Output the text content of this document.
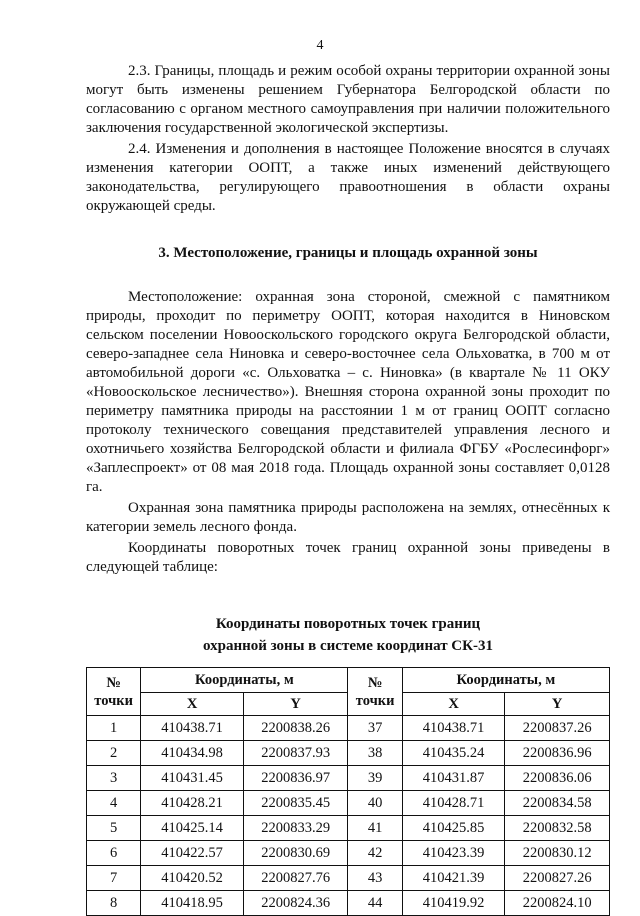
4

2.3. Границы, площадь и режим особой охраны территории охранной зоны могут быть изменены решением Губернатора Белгородской области по согласованию с органом местного самоуправления при наличии положительного заключения государственной экологической экспертизы.

2.4. Изменения и дополнения в настоящее Положение вносятся в случаях изменения категории ООПТ, а также иных изменений действующего законодательства, регулирующего правоотношения в области охраны окружающей среды.

3. Местоположение, границы и площадь охранной зоны

Местоположение: охранная зона стороной, смежной с памятником природы, проходит по периметру ООПТ, которая находится в Ниновском сельском поселении Новооскольского городского округа Белгородской области, северо-западнее села Ниновка и северо-восточнее села Ольховатка, в 700 м от автомобильной дороги «с. Ольховатка – с. Ниновка» (в квартале № 11 ОКУ «Новооскольское лесничество»). Внешняя сторона охранной зоны проходит по периметру памятника природы на расстоянии 1 м от границ ООПТ согласно протоколу технического совещания представителей управления лесного и охотничьего хозяйства Белгородской области и филиала ФГБУ «Рослесинфорг» «Заплеспроект» от 08 мая 2018 года. Площадь охранной зоны составляет 0,0128 га.

Охранная зона памятника природы расположена на землях, отнесённых к категории земель лесного фонда.

Координаты поворотных точек границ охранной зоны приведены в следующей таблице:

Координаты поворотных точек границ
охранной зоны в системе координат СК-31
№ точки	Координаты, м		№ точки	Координаты, м	
	X	Y		X	Y
1	410438.71	2200838.26	37	410438.71	2200837.26
2	410434.98	2200837.93	38	410435.24	2200836.96
3	410431.45	2200836.97	39	410431.87	2200836.06
4	410428.21	2200835.45	40	410428.71	2200834.58
5	410425.14	2200833.29	41	410425.85	2200832.58
6	410422.57	2200830.69	42	410423.39	2200830.12
7	410420.52	2200827.76	43	410421.39	2200827.26
8	410418.95	2200824.36	44	410419.92	2200824.10
